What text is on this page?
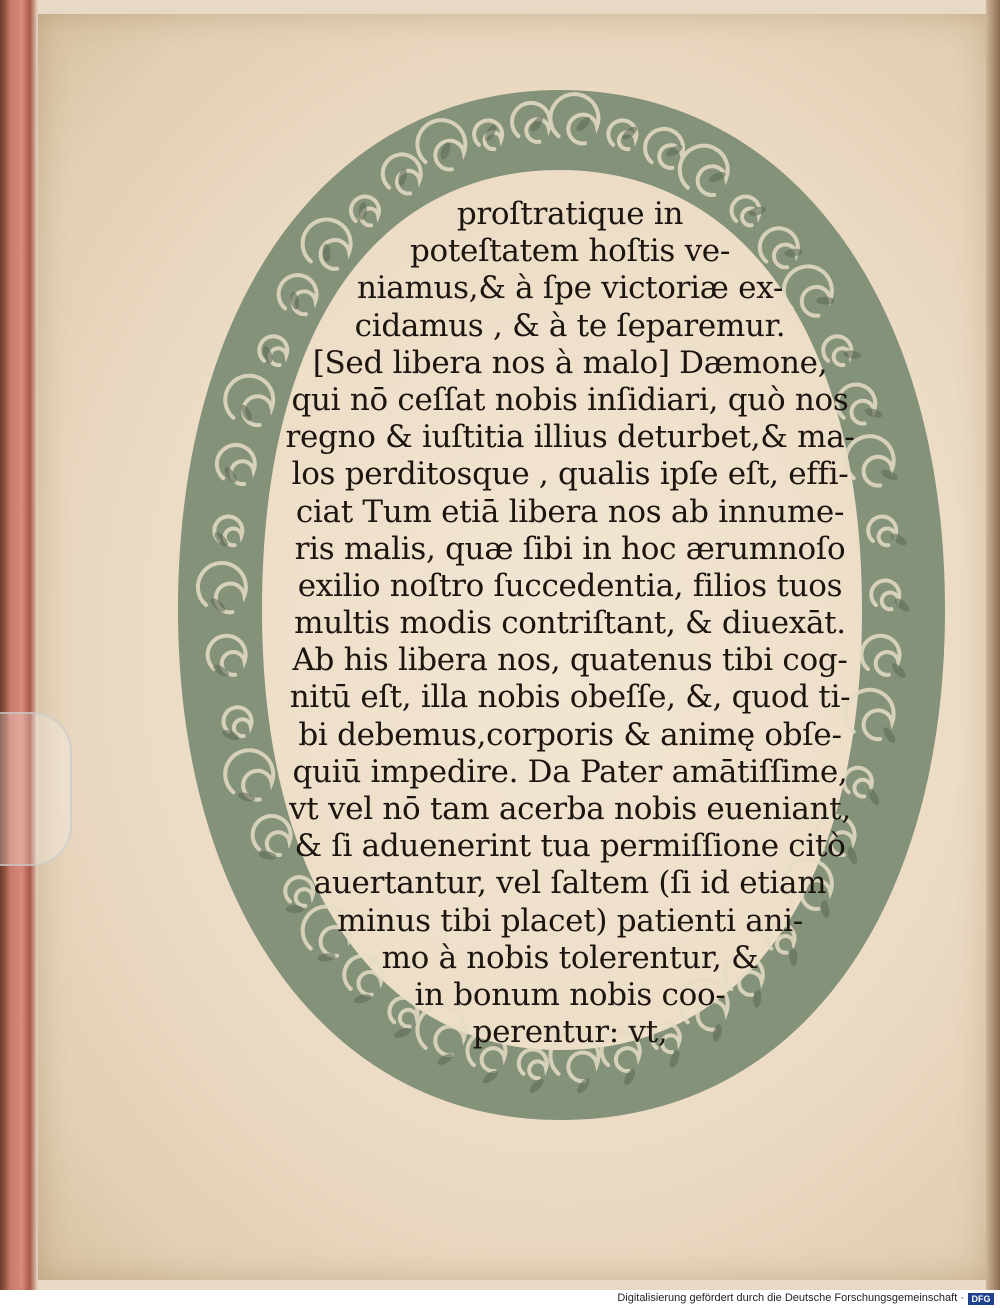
proſtratique in
poteſtatem hoſtis ve-
niamus,& à ſpe victoriæ ex-
cidamus , & à te ſeparemur.
[Sed libera nos à malo] Dæmone,
qui nō ceſſat nobis inſidiari, quò nos
regno & iuſtitia illius deturbet,& ma-
los perditosque , qualis ipſe eſt, effi-
ciat Tum etiā libera nos ab innume-
ris malis, quæ ſibi in hoc ærumnoſo
exilio noſtro ſuccedentia, filios tuos
multis modis contriſtant, & diuexāt.
Ab his libera nos, quatenus tibi cog-
nitū eſt, illa nobis obeſſe, &, quod ti-
bi debemus,corporis & animę obſe-
quiū impedire. Da Pater amātiſſime,
vt vel nō tam acerba nobis eueniant,
& ſi aduenerint tua permiſſione citò
auertantur, vel ſaltem (ſi id etiam
minus tibi placet) patienti ani-
mo à nobis tolerentur, &
in bonum nobis coo-
perentur: vt,
Digitalisierung gefördert durch die Deutsche Forschungsgemeinschaft · DFG
